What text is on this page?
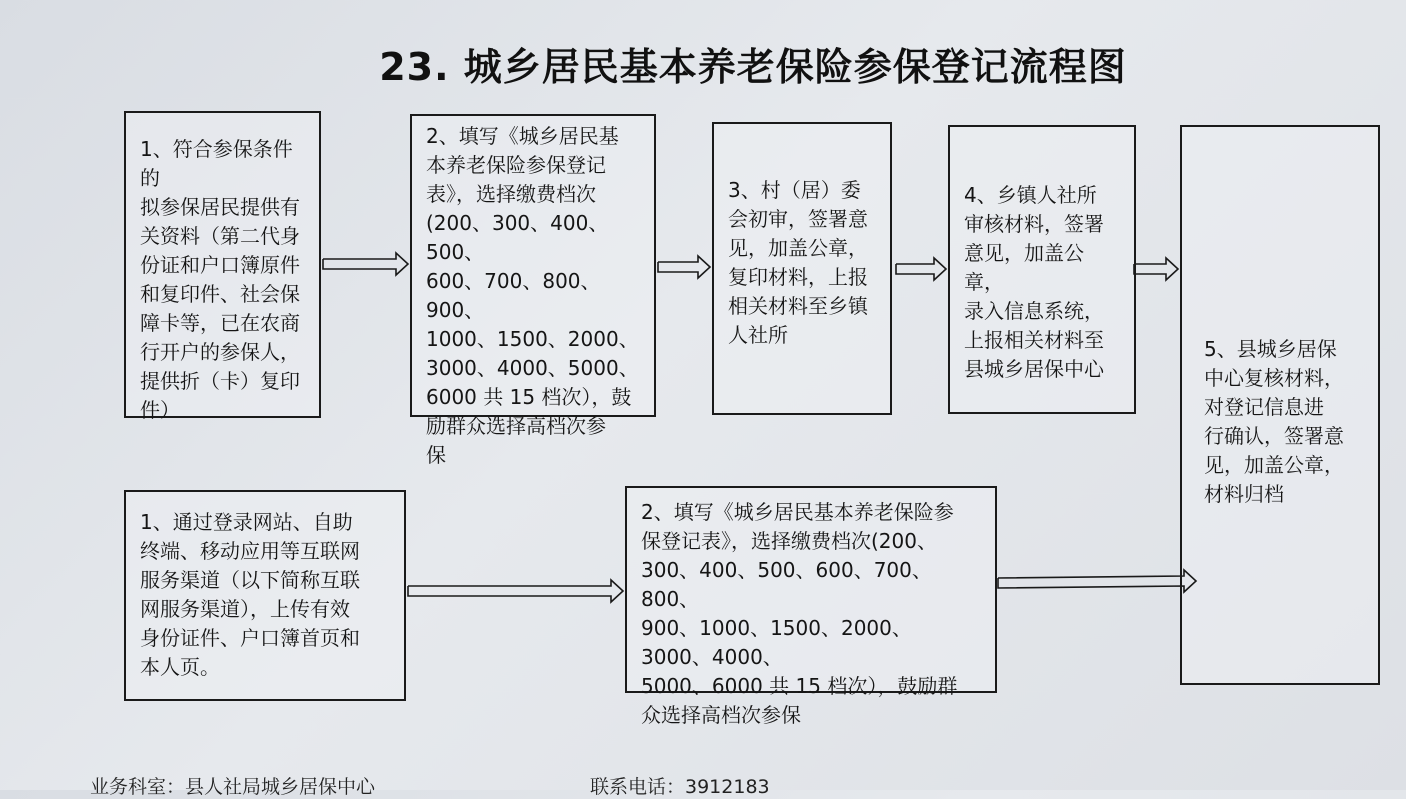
23. 城乡居民基本养老保险参保登记流程图
1、符合参保条件的
拟参保居民提供有
关资料（第二代身
份证和户口簿原件
和复印件、社会保
障卡等，已在农商
行开户的参保人，
提供折（卡）复印
件）
2、填写《城乡居民基
本养老保险参保登记
表》，选择缴费档次
(200、300、400、500、
600、700、800、900、
1000、1500、2000、
3000、4000、5000、
6000 共 15 档次），鼓
励群众选择高档次参
保
3、村（居）委
会初审，签署意
见，加盖公章，
复印材料，上报
相关材料至乡镇
人社所
4、乡镇人社所
审核材料，签署
意见，加盖公章，
录入信息系统，
上报相关材料至
县城乡居保中心
5、县城乡居保
中心复核材料，
对登记信息进
行确认，签署意
见，加盖公章，
材料归档
1、通过登录网站、自助
终端、移动应用等互联网
服务渠道（以下简称互联
网服务渠道），上传有效
身份证件、户口簿首页和
本人页。
2、填写《城乡居民基本养老保险参
保登记表》，选择缴费档次(200、
300、400、500、600、700、800、
900、1000、1500、2000、3000、4000、
5000、6000 共 15 档次），鼓励群
众选择高档次参保
业务科室：县人社局城乡居保中心	联系电话：3912183
